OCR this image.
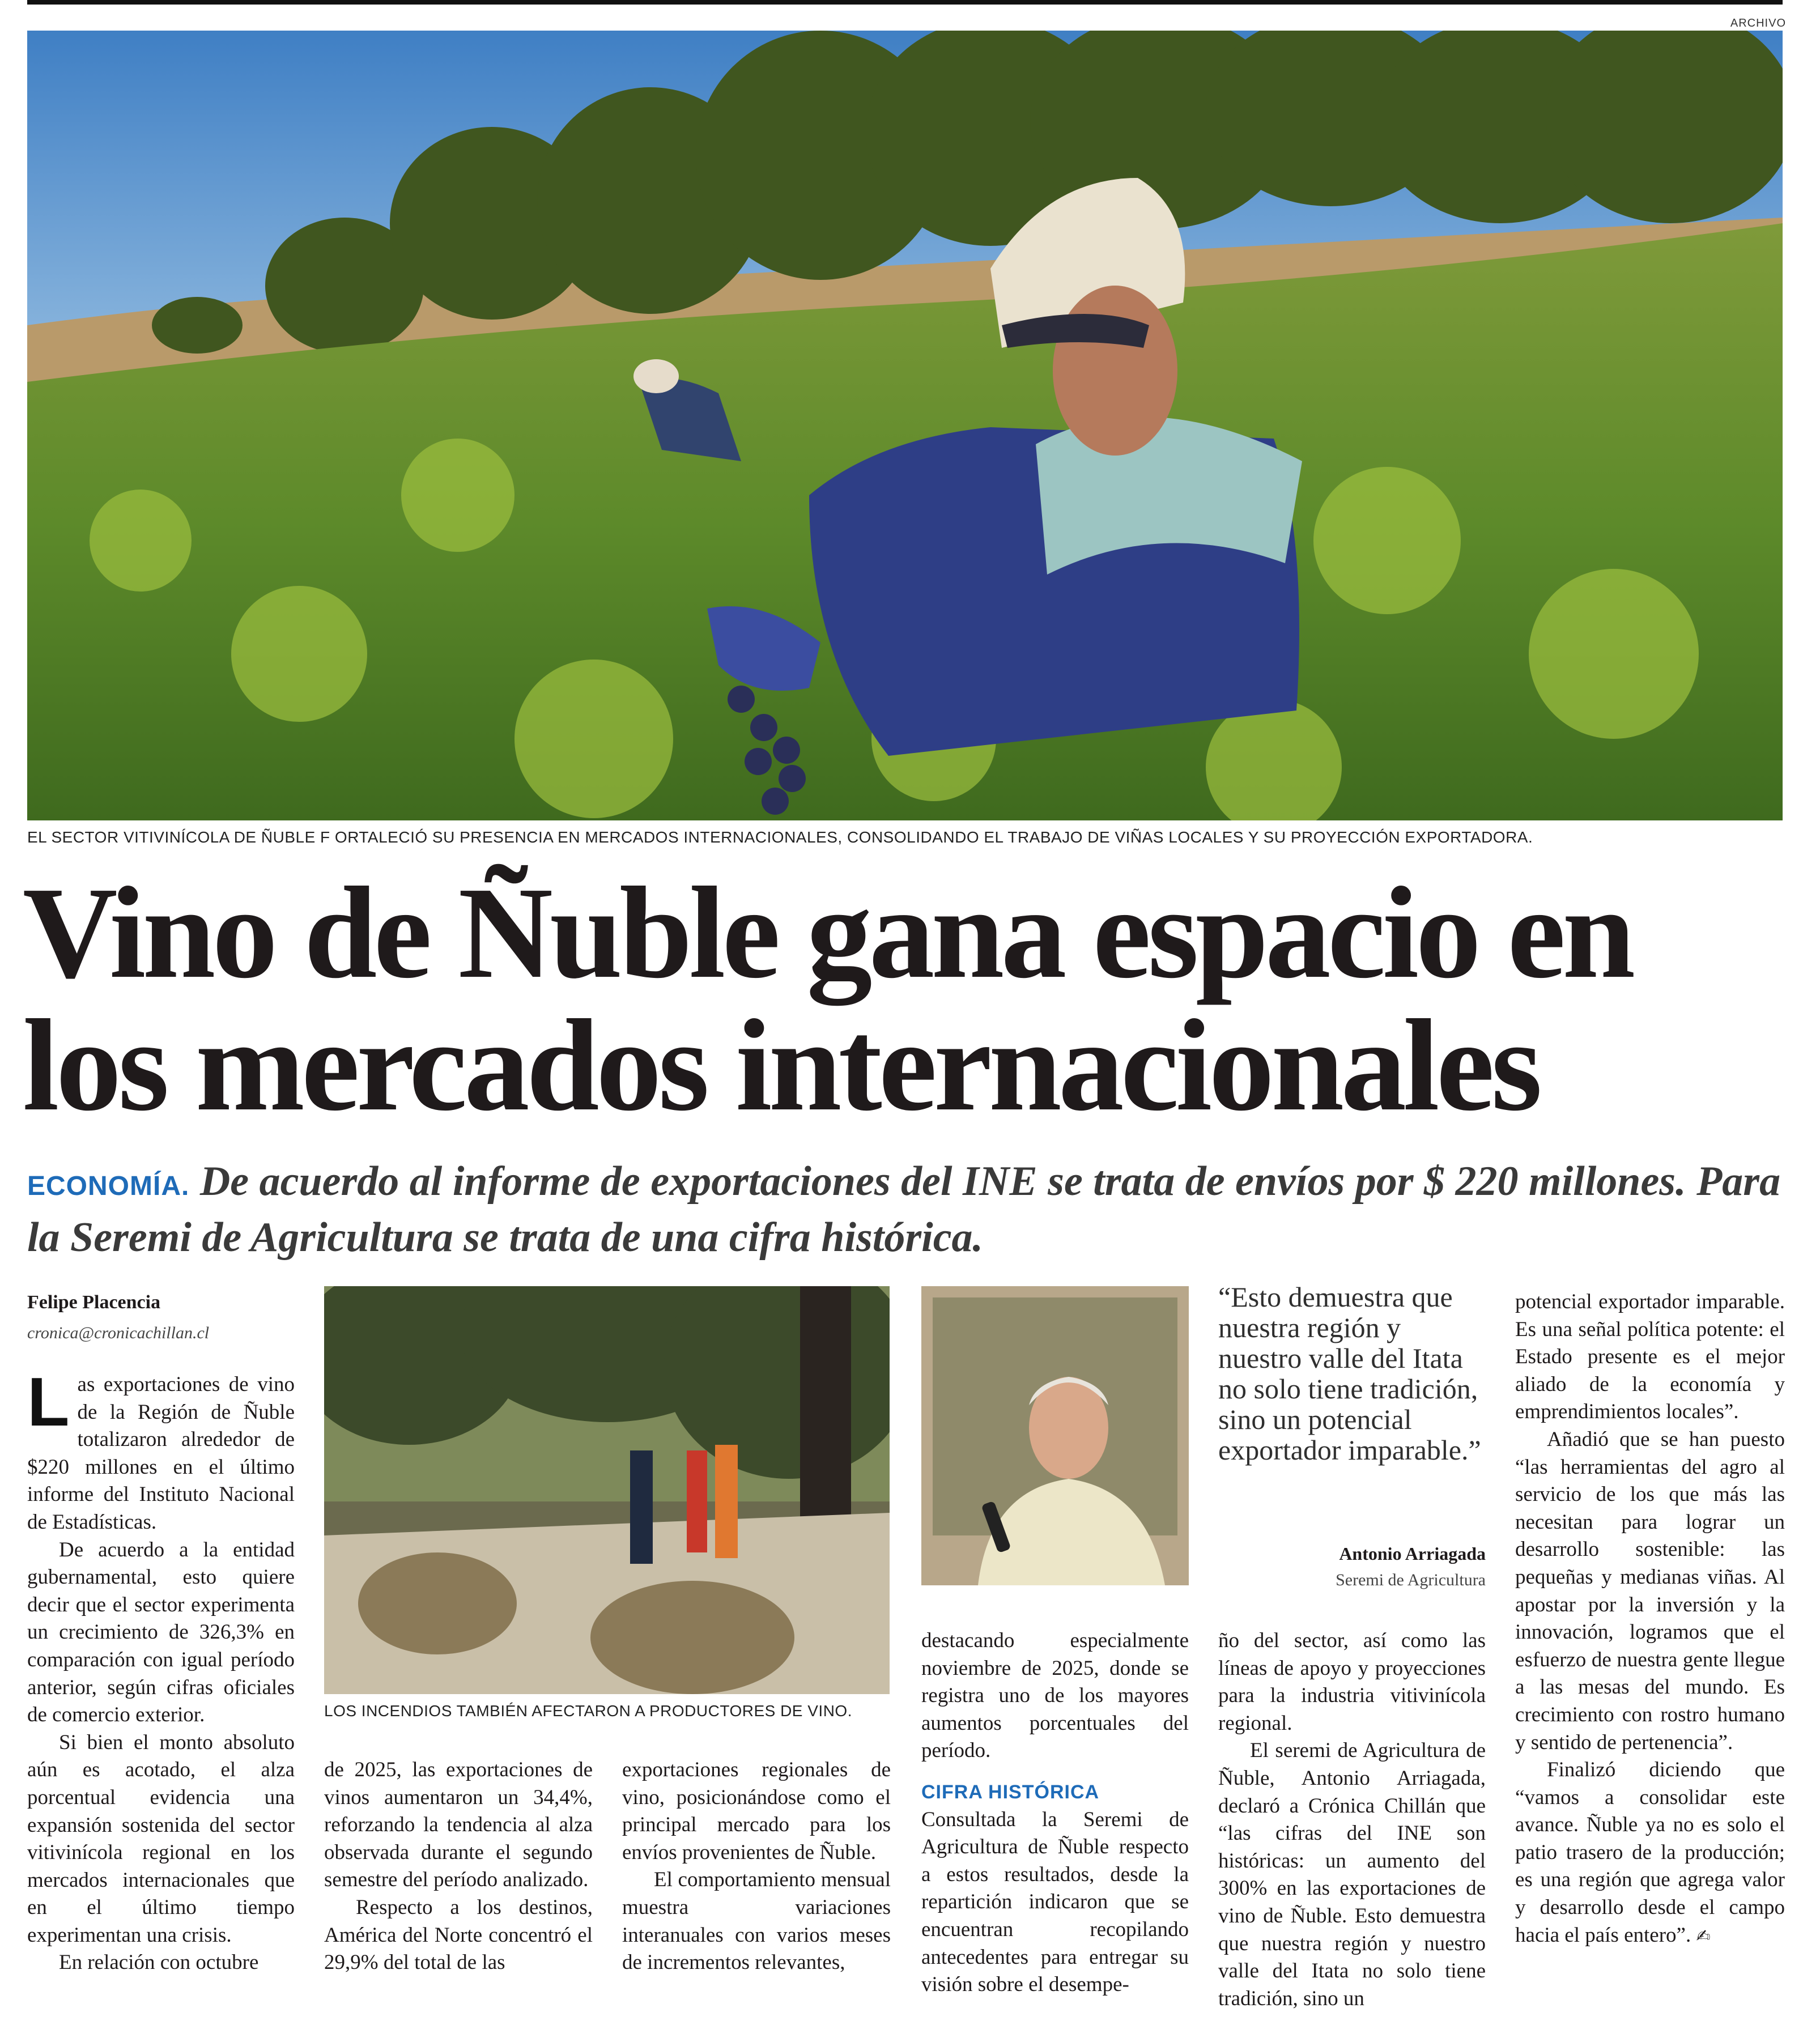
ARCHIVO
EL SECTOR VITIVINÍCOLA DE ÑUBLE F ORTALECIÓ SU PRESENCIA EN MERCADOS INTERNACIONALES, CONSOLIDANDO EL TRABAJO DE VIÑAS LOCALES Y SU PROYECCIÓN EXPORTADORA.
Vino de Ñuble gana espacio en
los mercados internacionales
ECONOMÍA. De acuerdo al informe de exportaciones del INE se trata de envíos por $ 220 millones. Para la Seremi de Agricultura se trata de una cifra histórica.
Felipe Placencia
cronica@cronicachillan.cl

Las exportaciones de vino de la Región de Ñuble totalizaron alrededor de $220 millones en el último informe del Instituto Nacional de Estadísticas.

De acuerdo a la entidad gubernamental, esto quiere decir que el sector experimenta un crecimiento de 326,3% en comparación con igual período anterior, según cifras oficiales de comercio exterior.

Si bien el monto absoluto aún es acotado, el alza porcentual evidencia una expansión sostenida del sector vitivinícola regional en los mercados internacionales que en el último tiempo experimentan una crisis.

En relación con octubre

LOS INCENDIOS TAMBIÉN AFECTARON A PRODUCTORES DE VINO.

de 2025, las exportaciones de vinos aumentaron un 34,4%, reforzando la tendencia al alza observada durante el segundo semestre del período analizado.

Respecto a los destinos, América del Norte concentró el 29,9% del total de las

exportaciones regionales de vino, posicionándose como el principal mercado para los envíos provenientes de Ñuble.

El comportamiento mensual muestra variaciones interanuales con varios meses de incrementos relevantes,

destacando especialmente noviembre de 2025, donde se registra uno de los mayores aumentos porcentuales del período.

CIFRA HISTÓRICA

Consultada la Seremi de Agricultura de Ñuble respecto a estos resultados, desde la repartición indicaron que se encuentran recopilando antecedentes para entregar su visión sobre el desempe-

“Esto demuestra que nuestra región y nuestro valle del Itata no solo tiene tradición, sino un potencial exportador imparable.”
Antonio Arriagada
Seremi de Agricultura

ño del sector, así como las líneas de apoyo y proyecciones para la industria vitivinícola regional.

El seremi de Agricultura de Ñuble, Antonio Arriagada, declaró a Crónica Chillán que “las cifras del INE son históricas: un aumento del 300% en las exportaciones de vino de Ñuble. Esto demuestra que nuestra región y nuestro valle del Itata no solo tiene tradición, sino un

potencial exportador imparable. Es una señal política potente: el Estado presente es el mejor aliado de la economía y emprendimientos locales”.

Añadió que se han puesto “las herramientas del agro al servicio de los que más las necesitan para lograr un desarrollo sostenible: las pequeñas y medianas viñas. Al apostar por la inversión y la innovación, logramos que el esfuerzo de nuestra gente llegue a las mesas del mundo. Es crecimiento con rostro humano y sentido de pertenencia”.

Finalizó diciendo que “vamos a consolidar este avance. Ñuble ya no es solo el patio trasero de la producción; es una región que agrega valor y desarrollo desde el campo hacia el país entero”. ✍
